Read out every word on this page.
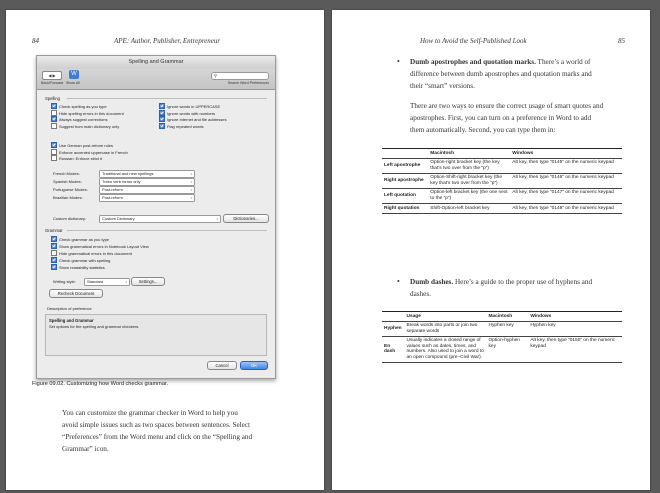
84	APE: Author, Publisher, Entrepreneur
Spelling and Grammar
◀ ▶	W
Back/Forward Show All
⚲
Search Word Preferences
Spelling
Check spelling as you type
Hide spelling errors in this document
Always suggest corrections
Suggest from main dictionary only
Ignore words in UPPERCASE
Ignore words with numbers
Ignore Internet and file addresses
Flag repeated words
Use German post-reform rules
Enforce accented uppercase in French
Russian: Enforce strict ë
French Modes:	Traditional and new spellings ↕
Spanish Modes:	Tuteo verb forms only ↕
Portuguese Modes:	Post-reform ↕
Brazilian Modes:	Post-reform ↕
Custom dictionary:	Custom Dictionary ↕	Dictionaries...
Grammar
Check grammar as you type
Show grammatical errors in Notebook Layout View
Hide grammatical errors in this document
Check grammar with spelling
Show readability statistics
Writing style:	Standard ↕	Settings...
Recheck Document
Description of preference
Spelling and Grammar
Set options for the spelling and grammar checkers.
Cancel	OK
Figure 09.02. Customizing how Word checks grammar.
You can customize the grammar checker in Word to help you
avoid simple issues such as two spaces between sentences. Select
“Preferences” from the Word menu and click on the “Spelling and
Grammar” icon.
How to Avoid the Self-Published Look	85
• Dumb apostrophes and quotation marks. There’s a world of
difference between dumb apostrophes and quotation marks and
their “smart” versions.
There are two ways to ensure the correct usage of smart quotes and
apostrophes. First, you can turn on a preference in Word to add
them automatically. Second, you can type them in:
	Macintosh	Windows
Left apostrophe	Option-right bracket key (the key that’s two over from the “p”)	Alt key, then type “0145” on the numeric keypad
Right apostrophe	Option-Shift-right bracket key (the key that’s two over from the “p”)	Alt key, then type “0146” on the numeric keypad
Left quotation	Option-left bracket key (the one next to the “p”)	Alt key, then type “0147” on the numeric keypad
Right quotation	Shift-Option-left bracket key	Alt key, then type “0148” on the numeric keypad
• Dumb dashes. Here’s a guide to the proper use of hyphens and
dashes.
	Usage	Macintosh	Windows
Hyphen	Break words into parts or join two separate words	Hyphen key	Hyphen key
En dash	Usually indicates a closed range of values such as dates, times, and numbers. Also used to join a word to an open compound (pre–Civil War).	Option-hyphen key	Alt key, then type “0150” on the numeric keypad
